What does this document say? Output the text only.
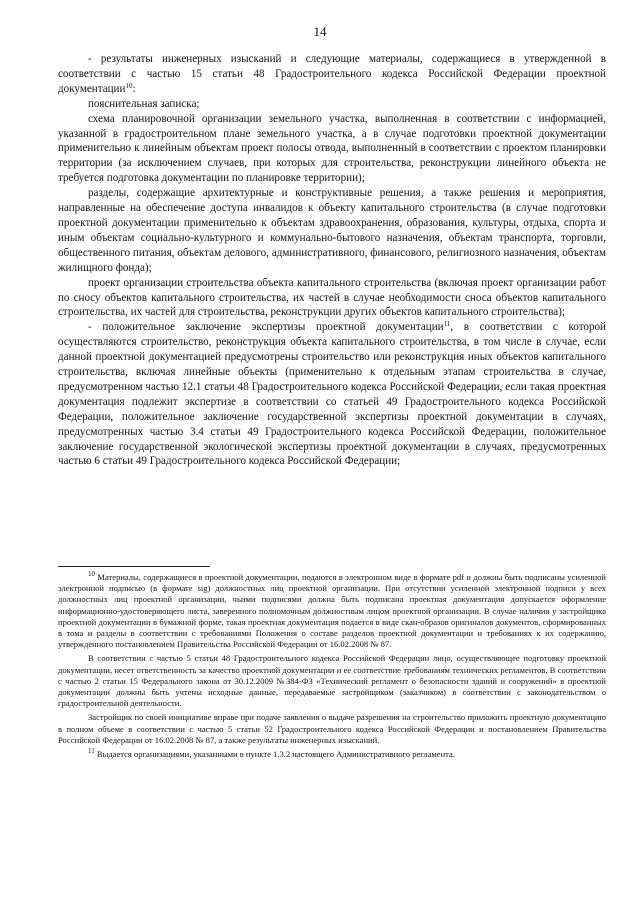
14

- результаты инженерных изысканий и следующие материалы, содержащиеся в утвержденной в соответствии с частью 15 статьи 48 Градостроительного кодекса Российской Федерации проектной документации$^{10}$:

пояснительная записка;

схема планировочной организации земельного участка, выполненная в соответствии с информацией, указанной в градостроительном плане земельного участка, а в случае подготовки проектной документации применительно к линейным объектам проект полосы отвода, выполненный в соответствии с проектом планировки территории (за исключением случаев, при которых для строительства, реконструкции линейного объекта не требуется подготовка документации по планировке территории);

разделы, содержащие архитектурные и конструктивные решения, а также решения и мероприятия, направленные на обеспечение доступа инвалидов к объекту капитального строительства (в случае подготовки проектной документации применительно к объектам здравоохранения, образования, культуры, отдыха, спорта и иным объектам социально-культурного и коммунально-бытового назначения, объектам транспорта, торговли, общественного питания, объектам делового, административного, финансового, религиозного назначения, объектам жилищного фонда);

проект организации строительства объекта капитального строительства (включая проект организации работ по сносу объектов капитального строительства, их частей в случае необходимости сноса объектов капитального строительства, их частей для строительства, реконструкции других объектов капитального строительства);

- положительное заключение экспертизы проектной документации$^{11}$, в соответствии с которой осуществляются строительство, реконструкция объекта капитального строительства, в том числе в случае, если данной проектной документацией предусмотрены строительство или реконструкция иных объектов капитального строительства, включая линейные объекты (применительно к отдельным этапам строительства в случае, предусмотренном частью 12.1 статьи 48 Градостроительного кодекса Российской Федерации, если такая проектная документация подлежит экспертизе в соответствии со статьей 49 Градостроительного кодекса Российской Федерации, положительное заключение государственной экспертизы проектной документации в случаях, предусмотренных частью 3.4 статьи 49 Градостроительного кодекса Российской Федерации, положительное заключение государственной экологической экспертизы проектной документации в случаях, предусмотренных частью 6 статьи 49 Градостроительного кодекса Российской Федерации;

$^{10}$ Материалы, содержащиеся в проектной документации, подаются в электронном виде в формате pdf и должны быть подписаны усиленной электронной подписью (в формате sig) должностных лиц проектной организации. При отсутствии усиленной электронной подписи у всех должностных лиц проектной организации, чьими подписями должна быть подписана проектная документация допускается оформление информационно-удостоверяющего листа, заверенного полномочным должностным лицом проектной организации. В случае наличия у застройщика проектной документации в бумажной форме, такая проектная документация подается в виде скан-образов оригиналов документов, сформированных в тома и разделы в соответствии с требованиями Положения о составе разделов проектной документации и требованиях к их содержанию, утвержденного постановлением Правительства Российской Федерации от 16.02.2008 № 87.

В соответствии с частью 5 статьи 48 Градостроительного кодекса Российской Федерации лицо, осуществляющее подготовку проектной документации, несет ответственность за качество проектной документации и ее соответствие требованиям технических регламентов. В соответствии с частью 2 статьи 15 Федерального закона от 30.12.2009 №384-ФЗ «Технический регламент о безопасности зданий и сооружений» в проектной документации должны быть учтены исходные данные, передаваемые застройщиком (заказчиком) в соответствии с законодательством о градостроительной деятельности.

Застройщик по своей инициативе вправе при подаче заявления о выдаче разрешения на строительство приложить проектную документацию в полном объеме в соответствии с частью 5 статьи 52 Градостроительного кодекса Российской Федерации и постановлением Правительства Российской Федерации от 16.02.2008 № 87, а также результаты инженерных изысканий.

$^{11}$ Выдается организациями, указанными в пункте 1.3.2 настоящего Административного регламента.
